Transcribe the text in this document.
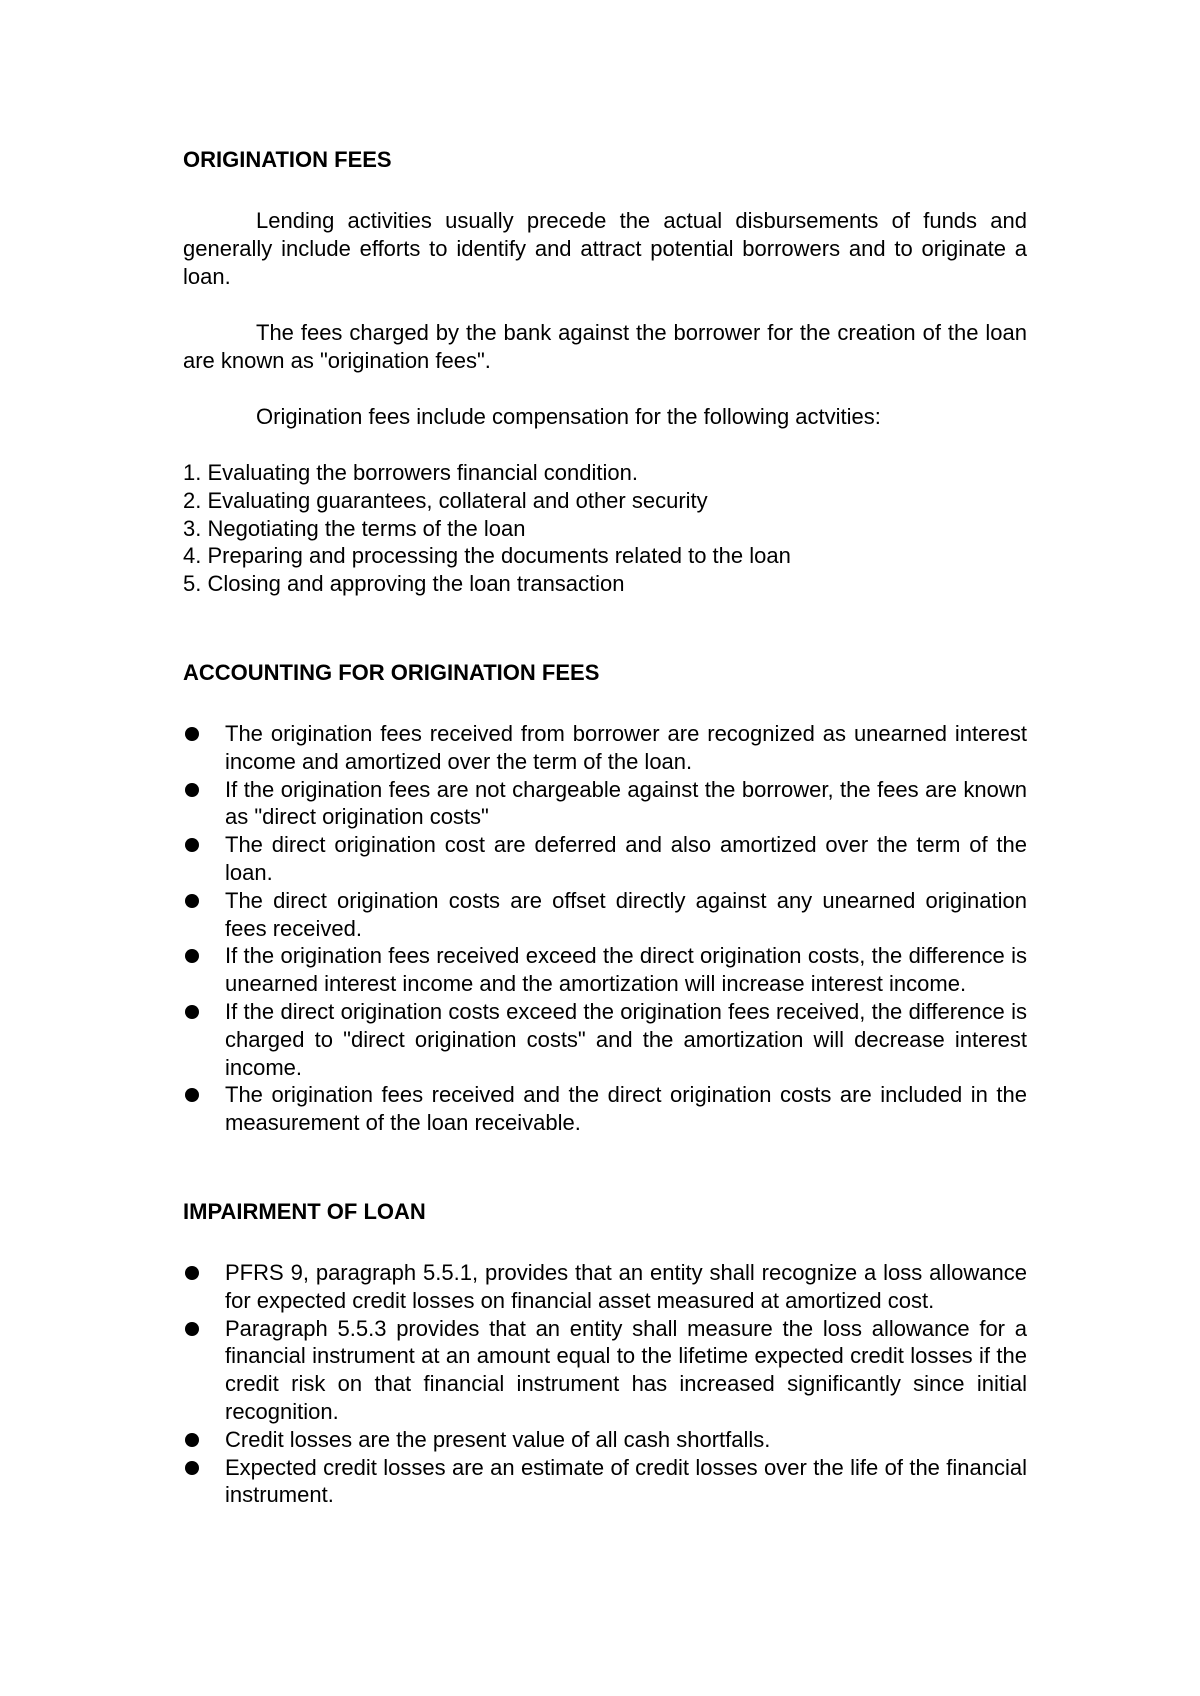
ORIGINATION FEES

Lending activities usually precede the actual disbursements of funds and generally include efforts to identify and attract potential borrowers and to originate a loan.

The fees charged by the bank against the borrower for the creation of the loan are known as "origination fees".

Origination fees include compensation for the following actvities:

1. Evaluating the borrowers financial condition.
2. Evaluating guarantees, collateral and other security
3. Negotiating the terms of the loan
4. Preparing and processing the documents related to the loan
5. Closing and approving the loan transaction
ACCOUNTING FOR ORIGINATION FEES
The origination fees received from borrower are recognized as unearned interest income and amortized over the term of the loan.
If the origination fees are not chargeable against the borrower, the fees are known as "direct origination costs"
The direct origination cost are deferred and also amortized over the term of the loan.
The direct origination costs are offset directly against any unearned origination fees received.
If the origination fees received exceed the direct origination costs, the difference is unearned interest income and the amortization will increase interest income.
If the direct origination costs exceed the origination fees received, the difference is charged to "direct origination costs" and the amortization will decrease interest income.
The origination fees received and the direct origination costs are included in the measurement of the loan receivable.
IMPAIRMENT OF LOAN
PFRS 9, paragraph 5.5.1, provides that an entity shall recognize a loss allowance for expected credit losses on financial asset measured at amortized cost.
Paragraph 5.5.3 provides that an entity shall measure the loss allowance for a financial instrument at an amount equal to the lifetime expected credit losses if the credit risk on that financial instrument has increased significantly since initial recognition.
Credit losses are the present value of all cash shortfalls.
Expected credit losses are an estimate of credit losses over the life of the financial instrument.
